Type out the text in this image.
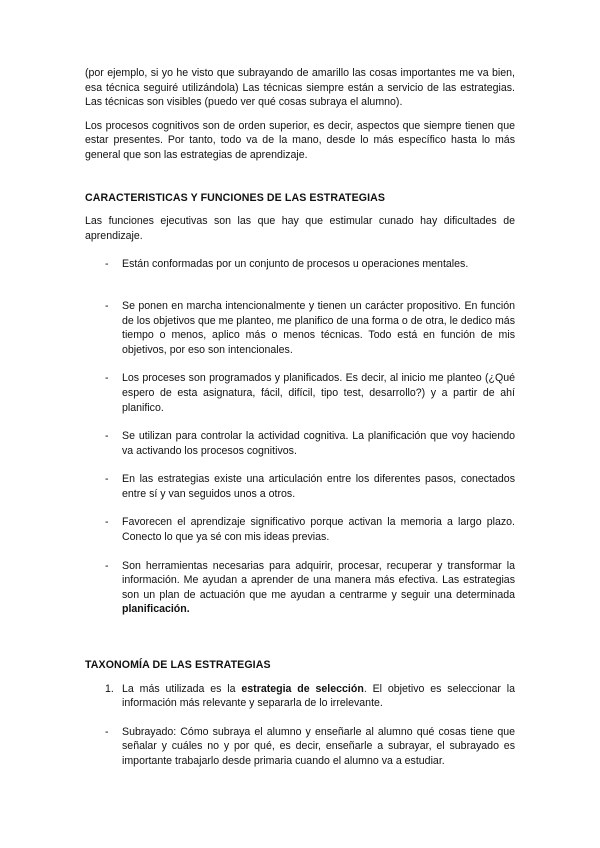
(por ejemplo, si yo he visto que subrayando de amarillo las cosas importantes me va bien, esa técnica seguiré utilizándola) Las técnicas siempre están a servicio de las estrategias. Las técnicas son visibles (puedo ver qué cosas subraya el alumno).

Los procesos cognitivos son de orden superior, es decir, aspectos que siempre tienen que estar presentes. Por tanto, todo va de la mano, desde lo más específico hasta lo más general que son las estrategias de aprendizaje.

CARACTERISTICAS Y FUNCIONES DE LAS ESTRATEGIAS

Las funciones ejecutivas son las que hay que estimular cunado hay dificultades de aprendizaje.

-	Están conformadas por un conjunto de procesos u operaciones mentales.
-	Se ponen en marcha intencionalmente y tienen un carácter propositivo. En función de los objetivos que me planteo, me planifico de una forma o de otra, le dedico más tiempo o menos, aplico más o menos técnicas. Todo está en función de mis objetivos, por eso son intencionales.
-	Los proceses son programados y planificados. Es decir, al inicio me planteo (¿Qué espero de esta asignatura, fácil, difícil, tipo test, desarrollo?) y a partir de ahí planifico.
-	Se utilizan para controlar la actividad cognitiva. La planificación que voy haciendo va activando los procesos cognitivos.
-	En las estrategias existe una articulación entre los diferentes pasos, conectados entre sí y van seguidos unos a otros.
-	Favorecen el aprendizaje significativo porque activan la memoria a largo plazo. Conecto lo que ya sé con mis ideas previas.
-	Son herramientas necesarias para adquirir, procesar, recuperar y transformar la información. Me ayudan a aprender de una manera más efectiva. Las estrategias son un plan de actuación que me ayudan a centrarme y seguir una determinada planificación.

TAXONOMÍA DE LAS ESTRATEGIAS

1. La más utilizada es la estrategia de selección. El objetivo es seleccionar la información más relevante y separarla de lo irrelevante.
-	Subrayado: Cómo subraya el alumno y enseñarle al alumno qué cosas tiene que señalar y cuáles no y por qué, es decir, enseñarle a subrayar, el subrayado es importante trabajarlo desde primaria cuando el alumno va a estudiar.
